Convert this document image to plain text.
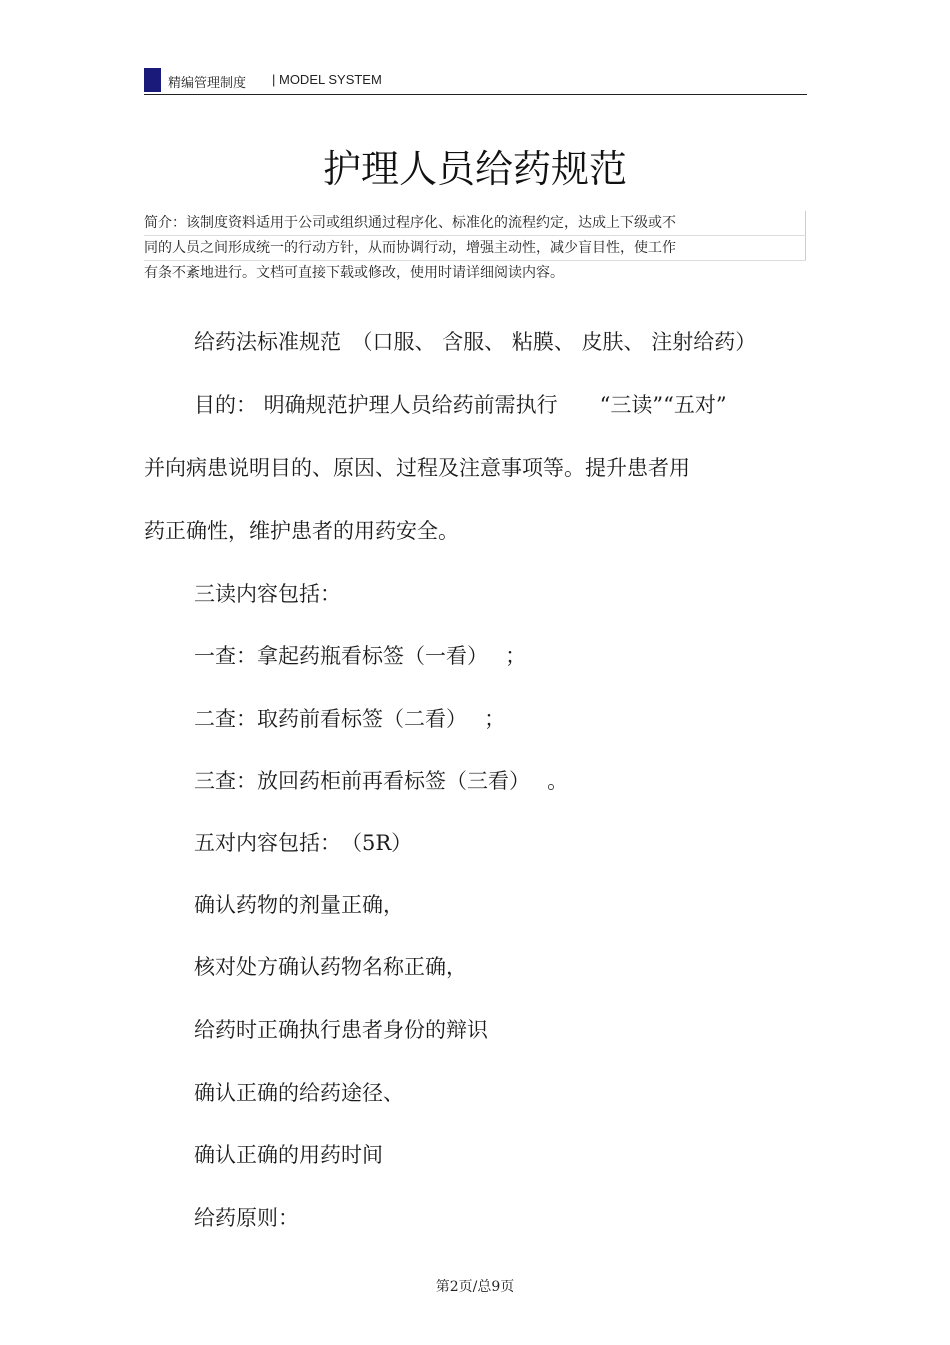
精编管理制度 | MODEL SYSTEM
护理人员给药规范
简介：该制度资料适用于公司或组织通过程序化、标准化的流程约定，达成上下级或不
同的人员之间形成统一的行动方针，从而协调行动，增强主动性，减少盲目性，使工作
有条不紊地进行。文档可直接下载或修改，使用时请详细阅读内容。
给药法标准规范　（口服、 含服、 粘膜、 皮肤、 注射给药）
目的： 明确规范护理人员给药前需执行　　“三读”“五对”
并向病患说明目的、原因、过程及注意事项等。提升患者用
药正确性，维护患者的用药安全。
三读内容包括：
一查：拿起药瓶看标签（一看）　 ；
二查：取药前看标签（二看）　 ；
三查：放回药柜前再看标签（三看）　 。
五对内容包括：　（5R）
确认药物的剂量正确，
核对处方确认药物名称正确，
给药时正确执行患者身份的辩识
确认正确的给药途径、
确认正确的用药时间
给药原则：
第2页/总9页
